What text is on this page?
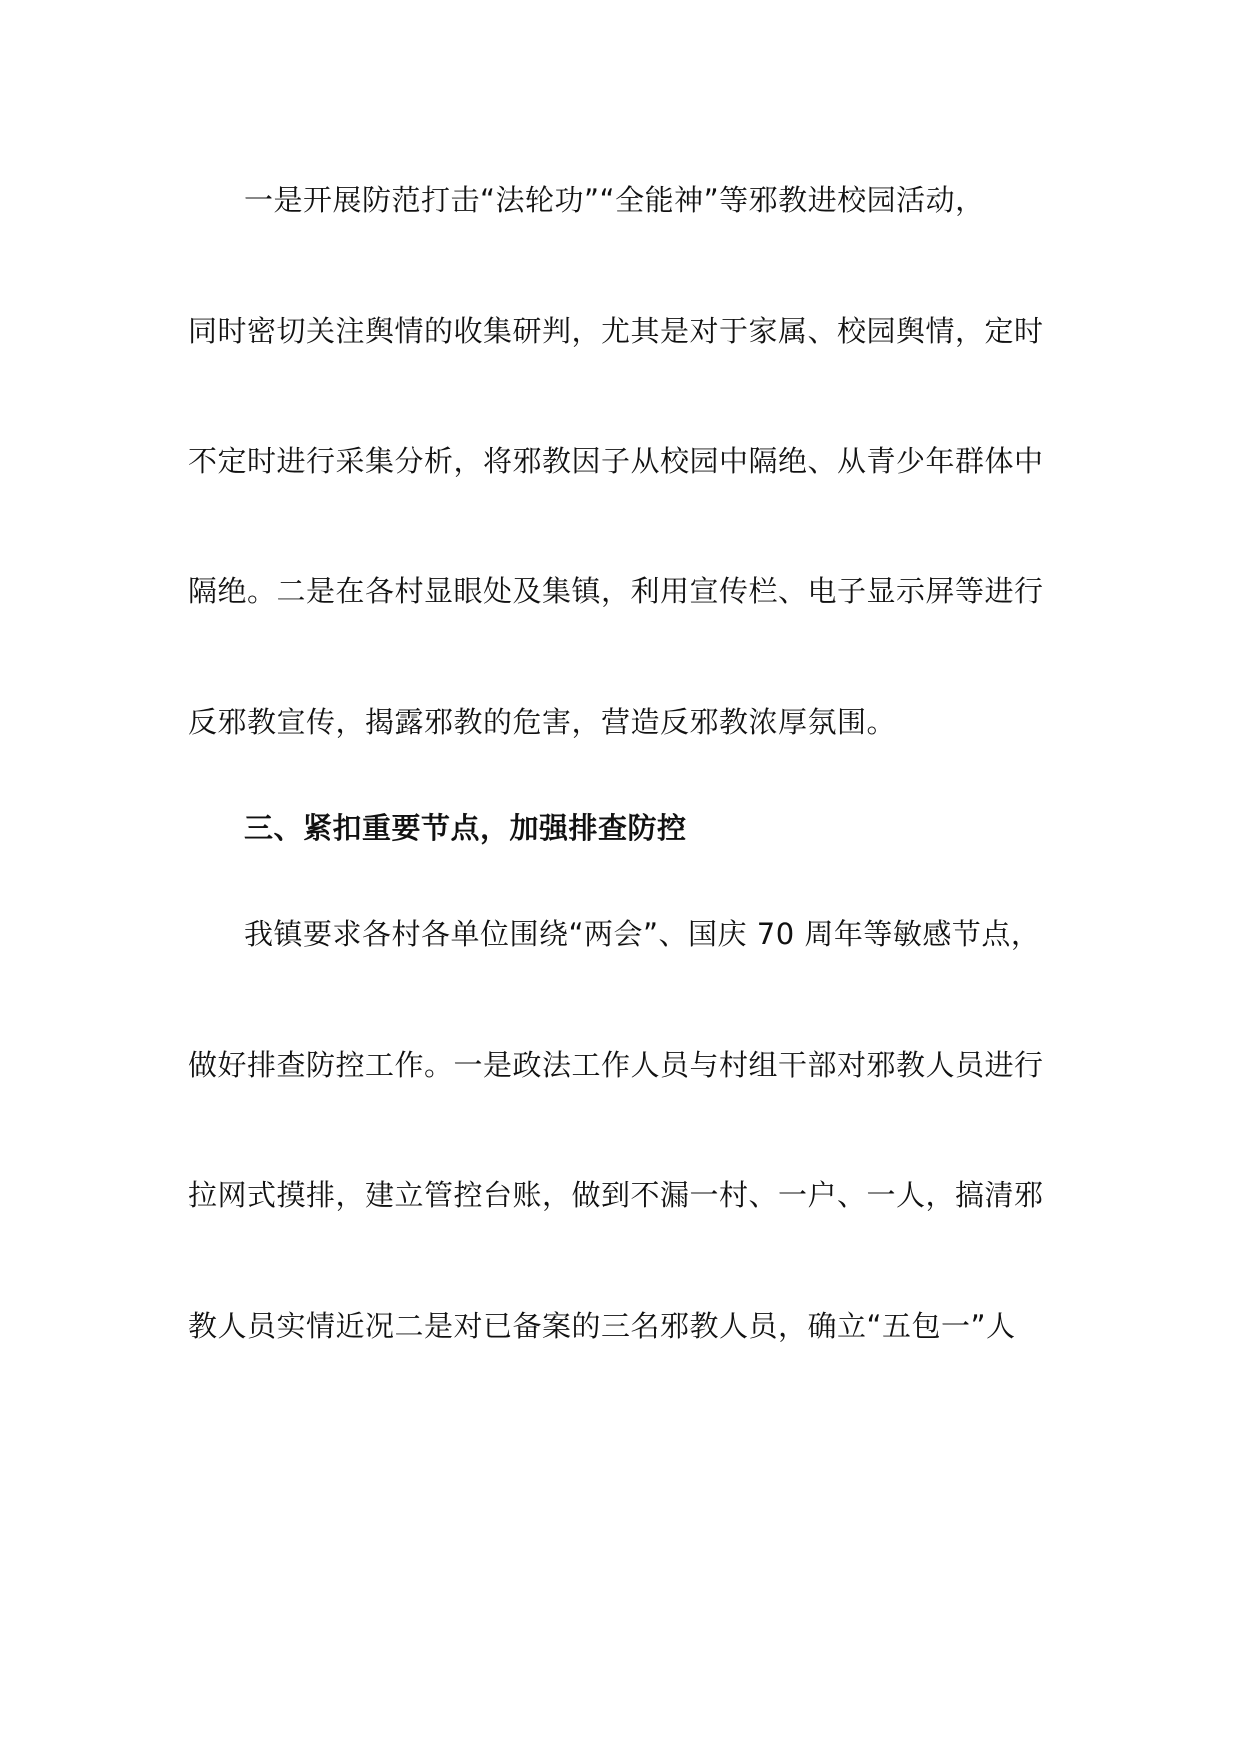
一是开展防范打击“法轮功”“全能神”等邪教进校园活动，
同时密切关注舆情的收集研判，尤其是对于家属、校园舆情，定时
不定时进行采集分析，将邪教因子从校园中隔绝、从青少年群体中
隔绝。二是在各村显眼处及集镇，利用宣传栏、电子显示屏等进行
反邪教宣传，揭露邪教的危害，营造反邪教浓厚氛围。
三、紧扣重要节点，加强排查防控
我镇要求各村各单位围绕“两会”、国庆 70 周年等敏感节点，
做好排查防控工作。一是政法工作人员与村组干部对邪教人员进行
拉网式摸排，建立管控台账，做到不漏一村、一户、一人，搞清邪
教人员实情近况二是对已备案的三名邪教人员，确立“五包一”人
